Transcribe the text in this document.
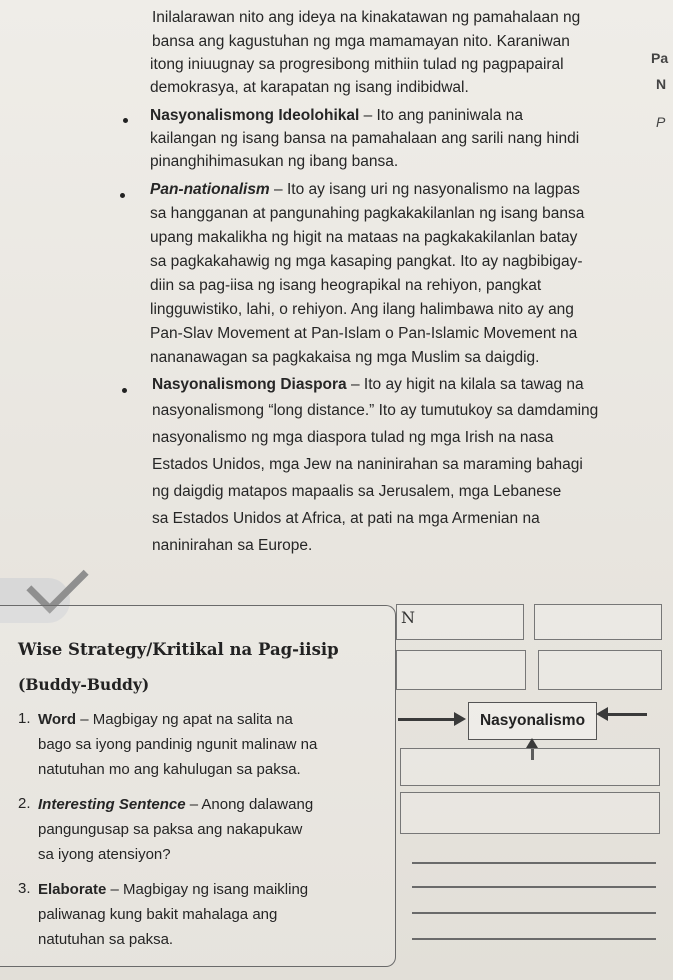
Inilalarawan nito ang ideya na kinakatawan ng pamahalaan ng

bansa ang kagustuhan ng mga mamamayan nito. Karaniwan

itong iniuugnay sa progresibong mithiin tulad ng pagpapairal

demokrasya, at karapatan ng isang indibidwal.

Nasyonalismong Ideolohikal – Ito ang paniniwala na

kailangan ng isang bansa na pamahalaan ang sarili nang hindi

pinanghihimasukan ng ibang bansa.

Pan-nationalism – Ito ay isang uri ng nasyonalismo na lagpas

sa hangganan at pangunahing pagkakakilanlan ng isang bansa

upang makalikha ng higit na mataas na pagkakakilanlan batay

sa pagkakahawig ng mga kasaping pangkat. Ito ay nagbibigay-

diin sa pag-iisa ng isang heograpikal na rehiyon, pangkat

lingguwistiko, lahi, o rehiyon. Ang ilang halimbawa nito ay ang

Pan-Slav Movement at Pan-Islam o Pan-Islamic Movement na

nananawagan sa pagkakaisa ng mga Muslim sa daigdig.

Nasyonalismong Diaspora – Ito ay higit na kilala sa tawag na

nasyonalismong “long distance.” Ito ay tumutukoy sa damdaming

nasyonalismo ng mga diaspora tulad ng mga Irish na nasa

Estados Unidos, mga Jew na naninirahan sa maraming bahagi

ng daigdig matapos mapaalis sa Jerusalem, mga Lebanese

sa Estados Unidos at Africa, at pati na mga Armenian na

naninirahan sa Europe.

Pa
N
P

Wise Strategy/Kritikal na Pag-iisip

(Buddy-Buddy)

1. Word – Magbigay ng apat na salita na

bago sa iyong pandinig ngunit malinaw na

natutuhan mo ang kahulugan sa paksa.

2. Interesting Sentence – Anong dalawang

pangungusap sa paksa ang nakapukaw

sa iyong atensiyon?

3. Elaborate – Magbigay ng isang maikling

paliwanag kung bakit mahalaga ang

natutuhan sa paksa.

N
Nasyonalismo
